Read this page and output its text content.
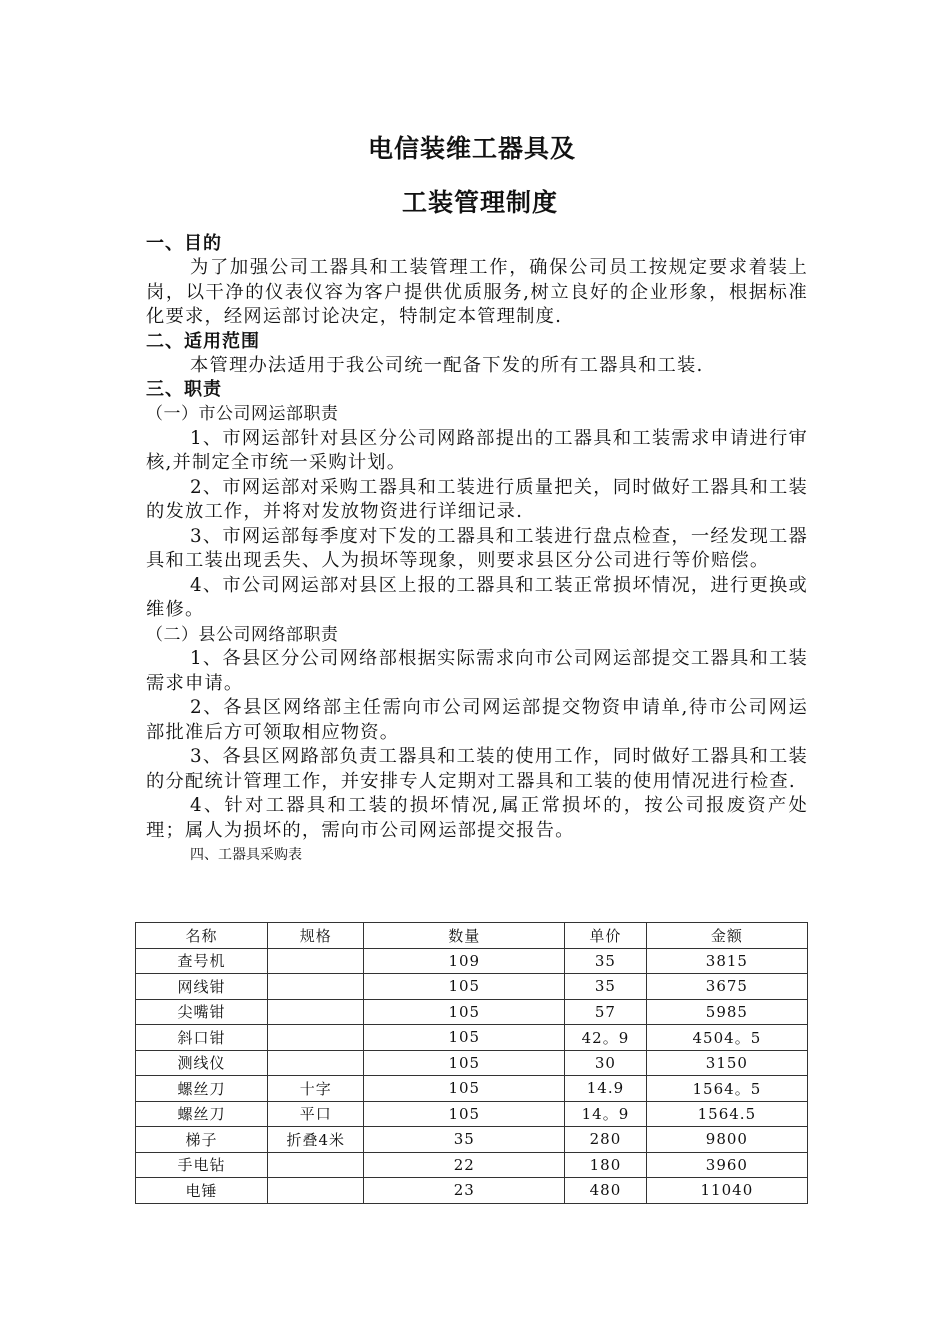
电信装维工器具及
工装管理制度
一、目的
为了加强公司工器具和工装管理工作，确保公司员工按规定要求着装上岗，以干净的仪表仪容为客户提供优质服务,树立良好的企业形象，根据标准化要求，经网运部讨论决定，特制定本管理制度.
二、适用范围
本管理办法适用于我公司统一配备下发的所有工器具和工装.
三、职责
（一）市公司网运部职责
1、市网运部针对县区分公司网路部提出的工器具和工装需求申请进行审核,并制定全市统一采购计划。
2、市网运部对采购工器具和工装进行质量把关，同时做好工器具和工装的发放工作，并将对发放物资进行详细记录.
3、市网运部每季度对下发的工器具和工装进行盘点检查，一经发现工器具和工装出现丢失、人为损坏等现象，则要求县区分公司进行等价赔偿。
4、市公司网运部对县区上报的工器具和工装正常损坏情况，进行更换或维修。
（二）县公司网络部职责
1、各县区分公司网络部根据实际需求向市公司网运部提交工器具和工装需求申请。
2、各县区网络部主任需向市公司网运部提交物资申请单,待市公司网运部批准后方可领取相应物资。
3、各县区网路部负责工器具和工装的使用工作，同时做好工器具和工装的分配统计管理工作，并安排专人定期对工器具和工装的使用情况进行检查.
4、针对工器具和工装的损坏情况,属正常损坏的，按公司报废资产处理；属人为损坏的，需向市公司网运部提交报告。
四、工器具采购表
名称	规格	数量	单价	金额
查号机		109	35	3815
网线钳		105	35	3675
尖嘴钳		105	57	5985
斜口钳		105	42。9	4504。5
测线仪		105	30	3150
螺丝刀	十字	105	14.9	1564。5
螺丝刀	平口	105	14。9	1564.5
梯子	折叠4米	35	280	9800
手电钻		22	180	3960
电锤		23	480	11040
